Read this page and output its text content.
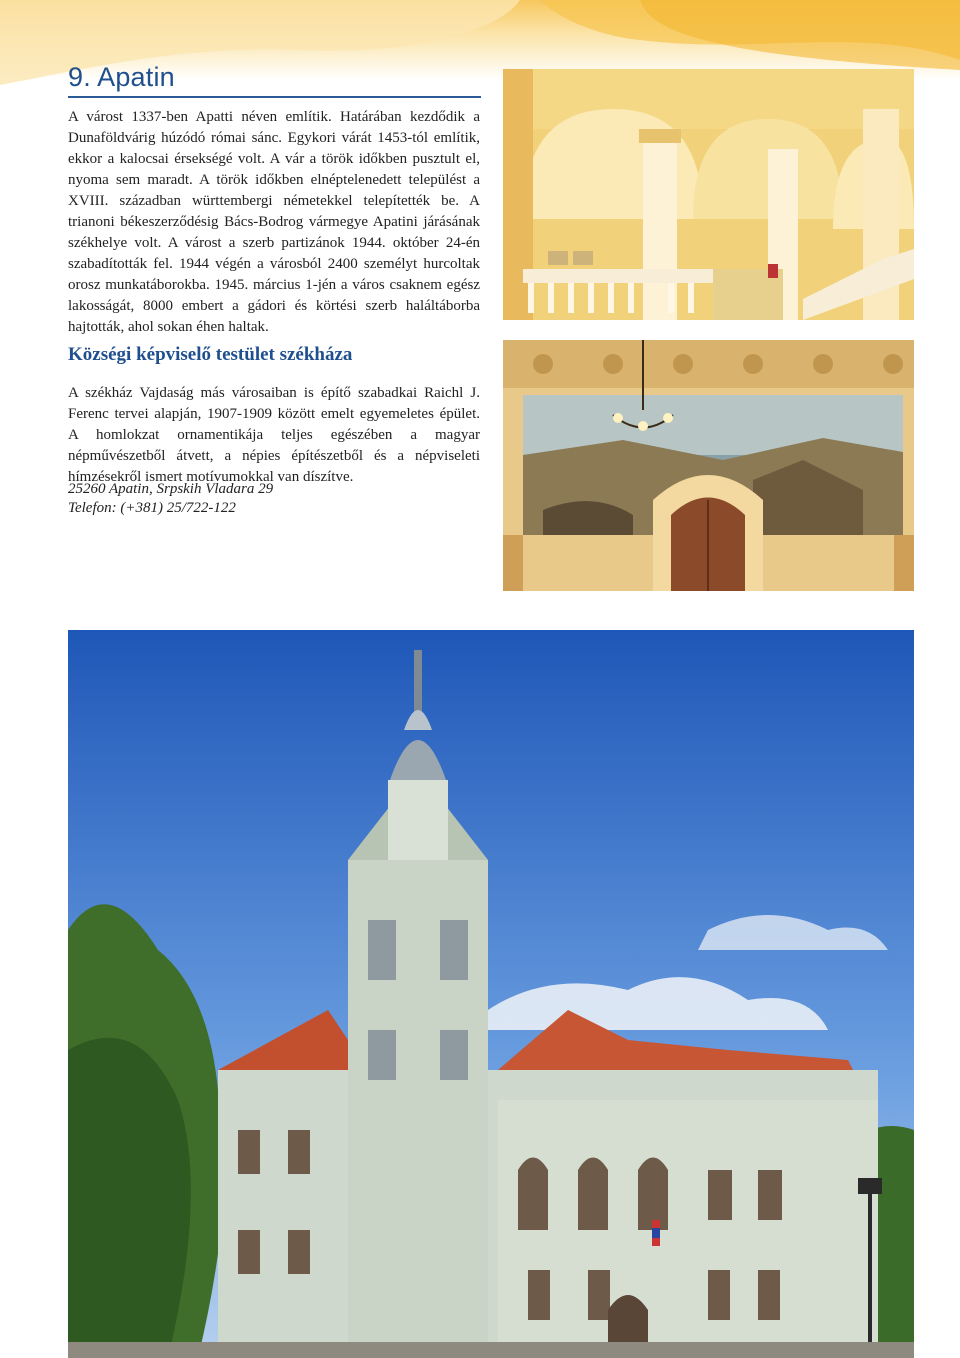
9. Apatin

A várost 1337-ben Apatti néven említik. Határában kezdődik a Dunaföldvárig húzódó római sánc. Egykori várát 1453-tól említik, ekkor a kalocsai érsekségé volt. A vár a török időkben pusztult el, nyoma sem maradt. A török időkben elnéptelenedett települést a XVIII. században württembergi németekkel telepítették be. A trianoni békeszerződésig Bács-Bodrog vármegye Apatini járásának székhelye volt. A várost a szerb partizánok 1944. október 24-én szabadították fel. 1944 végén a városból 2400 személyt hurcoltak orosz munkatáborokba. 1945. március 1-jén a város csaknem egész lakosságát, 8000 embert a gádori és körtési szerb haláltáborba hajtották, ahol sokan éhen haltak.

Községi képviselő testület székháza

A székház Vajdaság más városaiban is építő szabadkai Raichl J. Ferenc tervei alapján, 1907-1909 között emelt egyemeletes épület. A homlokzat ornamentikája teljes egészében a magyar népművészetből átvett, a népies építészetből és a népviseleti hímzésekről ismert motívumokkal van díszítve.

25260 Apatin, Srpskih Vladara 29

Telefon: (+381) 25/722-122
